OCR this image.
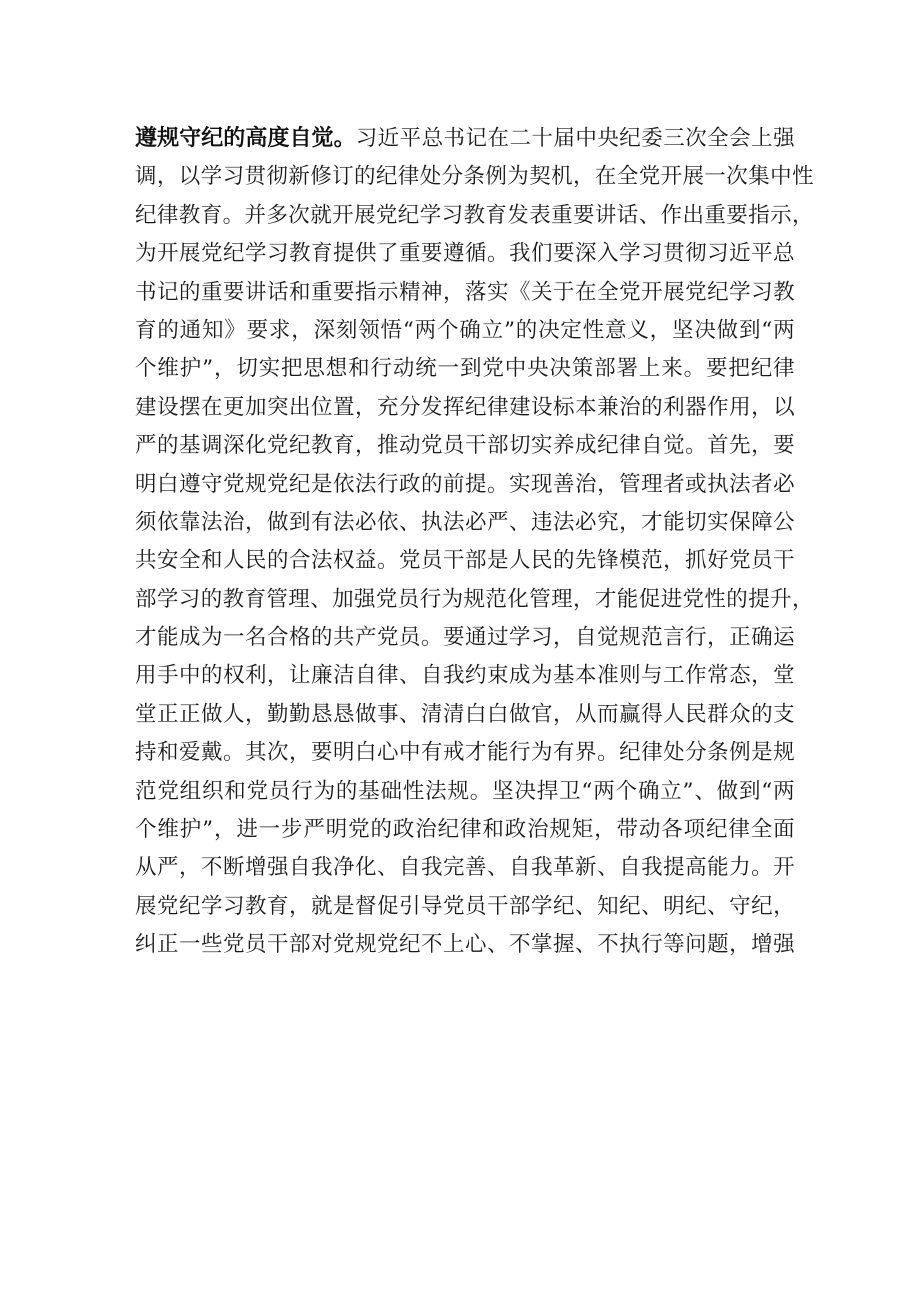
遵规守纪的高度自觉。习近平总书记在二十届中央纪委三次全会上强
调，以学习贯彻新修订的纪律处分条例为契机，在全党开展一次集中性
纪律教育。并多次就开展党纪学习教育发表重要讲话、作出重要指示，
为开展党纪学习教育提供了重要遵循。我们要深入学习贯彻习近平总
书记的重要讲话和重要指示精神，落实《关于在全党开展党纪学习教
育的通知》要求，深刻领悟“两个确立”的决定性意义，坚决做到“两
个维护”，切实把思想和行动统一到党中央决策部署上来。要把纪律
建设摆在更加突出位置，充分发挥纪律建设标本兼治的利器作用，以
严的基调深化党纪教育，推动党员干部切实养成纪律自觉。首先，要
明白遵守党规党纪是依法行政的前提。实现善治，管理者或执法者必
须依靠法治，做到有法必依、执法必严、违法必究，才能切实保障公
共安全和人民的合法权益。党员干部是人民的先锋模范，抓好党员干
部学习的教育管理、加强党员行为规范化管理，才能促进党性的提升，
才能成为一名合格的共产党员。要通过学习，自觉规范言行，正确运
用手中的权利，让廉洁自律、自我约束成为基本准则与工作常态，堂
堂正正做人，勤勤恳恳做事、清清白白做官，从而赢得人民群众的支
持和爱戴。其次，要明白心中有戒才能行为有界。纪律处分条例是规
范党组织和党员行为的基础性法规。坚决捍卫“两个确立”、做到“两
个维护”，进一步严明党的政治纪律和政治规矩，带动各项纪律全面
从严，不断增强自我净化、自我完善、自我革新、自我提高能力。开
展党纪学习教育，就是督促引导党员干部学纪、知纪、明纪、守纪，
纠正一些党员干部对党规党纪不上心、不掌握、不执行等问题，增强
